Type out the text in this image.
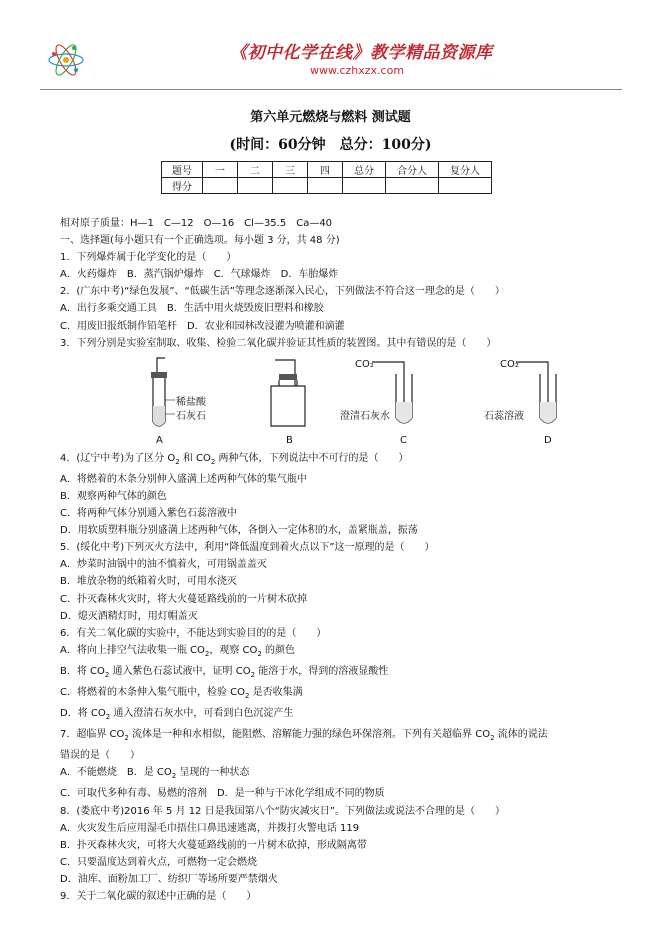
《初中化学在线》教学精品资源库
www.czhxzx.com
第六单元燃烧与燃料 测试题
(时间：60分钟　总分：100分)
题号	一	二	三	四	总分	合分人	复分人
得分							
相对原子质量：H—1　C—12　O—16　Cl—35.5　Ca—40
一、选择题(每小题只有一个正确选项。每小题 3 分，共 48 分)
1．下列爆炸属于化学变化的是（　　）
A．火药爆炸　B．蒸汽锅炉爆炸　C．气球爆炸　D．车胎爆炸
2．(广东中考)“绿色发展”、“低碳生活”等理念逐渐深入民心，下列做法不符合这一理念的是（　　）
A．出行多乘交通工具　B．生活中用火烧毁废旧塑料和橡胶
C．用废旧报纸制作铅笔杆　D．农业和园林改浸灌为喷灌和滴灌
3．下列分别是实验室制取、收集、检验二氧化碳并验证其性质的装置图。其中有错误的是（　　）
稀盐酸
石灰石
A	B
CO₂
澄清石灰水
C
CO₂
石蕊溶液
D
4．(辽宁中考)为了区分 $O_2$ 和 $CO_2$ 两种气体，下列说法中不可行的是（　　）
A．将燃着的木条分别伸入盛满上述两种气体的集气瓶中
B．观察两种气体的颜色
C．将两种气体分别通入紫色石蕊溶液中
D．用软质塑料瓶分别盛满上述两种气体，各倒入一定体积的水，盖紧瓶盖，振荡
5．(绥化中考)下列灭火方法中，利用“降低温度到着火点以下”这一原理的是（　　）
A．炒菜时油锅中的油不慎着火，可用锅盖盖灭
B．堆放杂物的纸箱着火时，可用水浇灭
C．扑灭森林火灾时，将大火蔓延路线前的一片树木砍掉
D．熄灭酒精灯时，用灯帽盖灭
6．有关二氧化碳的实验中，不能达到实验目的的是（　　）
A．将向上排空气法收集一瓶 $CO_2$，观察 $CO_2$ 的颜色
B．将 $CO_2$ 通入紫色石蕊试液中，证明 $CO_2$ 能溶于水，得到的溶液显酸性
C．将燃着的木条伸入集气瓶中，检验 $CO_2$ 是否收集满
D．将 $CO_2$ 通入澄清石灰水中，可看到白色沉淀产生
7．超临界 $CO_2$ 流体是一种和水相似，能阻燃、溶解能力强的绿色环保溶剂。下列有关超临界 $CO_2$ 流体的说法
错误的是（　　）
A．不能燃烧　B．是 $CO_2$ 呈现的一种状态
C．可取代多种有毒、易燃的溶剂　D．是一种与干冰化学组成不同的物质
8．(娄底中考)2016 年 5 月 12 日是我国第八个“防灾减灾日”。下列做法或说法不合理的是（　　）
A．火灾发生后应用湿毛巾捂住口鼻迅速逃离，并拨打火警电话 119
B．扑灭森林火灾，可将大火蔓延路线前的一片树木砍掉，形成隔离带
C．只要温度达到着火点，可燃物一定会燃烧
D．油库、面粉加工厂、纺织厂等场所要严禁烟火
9．关于二氧化碳的叙述中正确的是（　　）
